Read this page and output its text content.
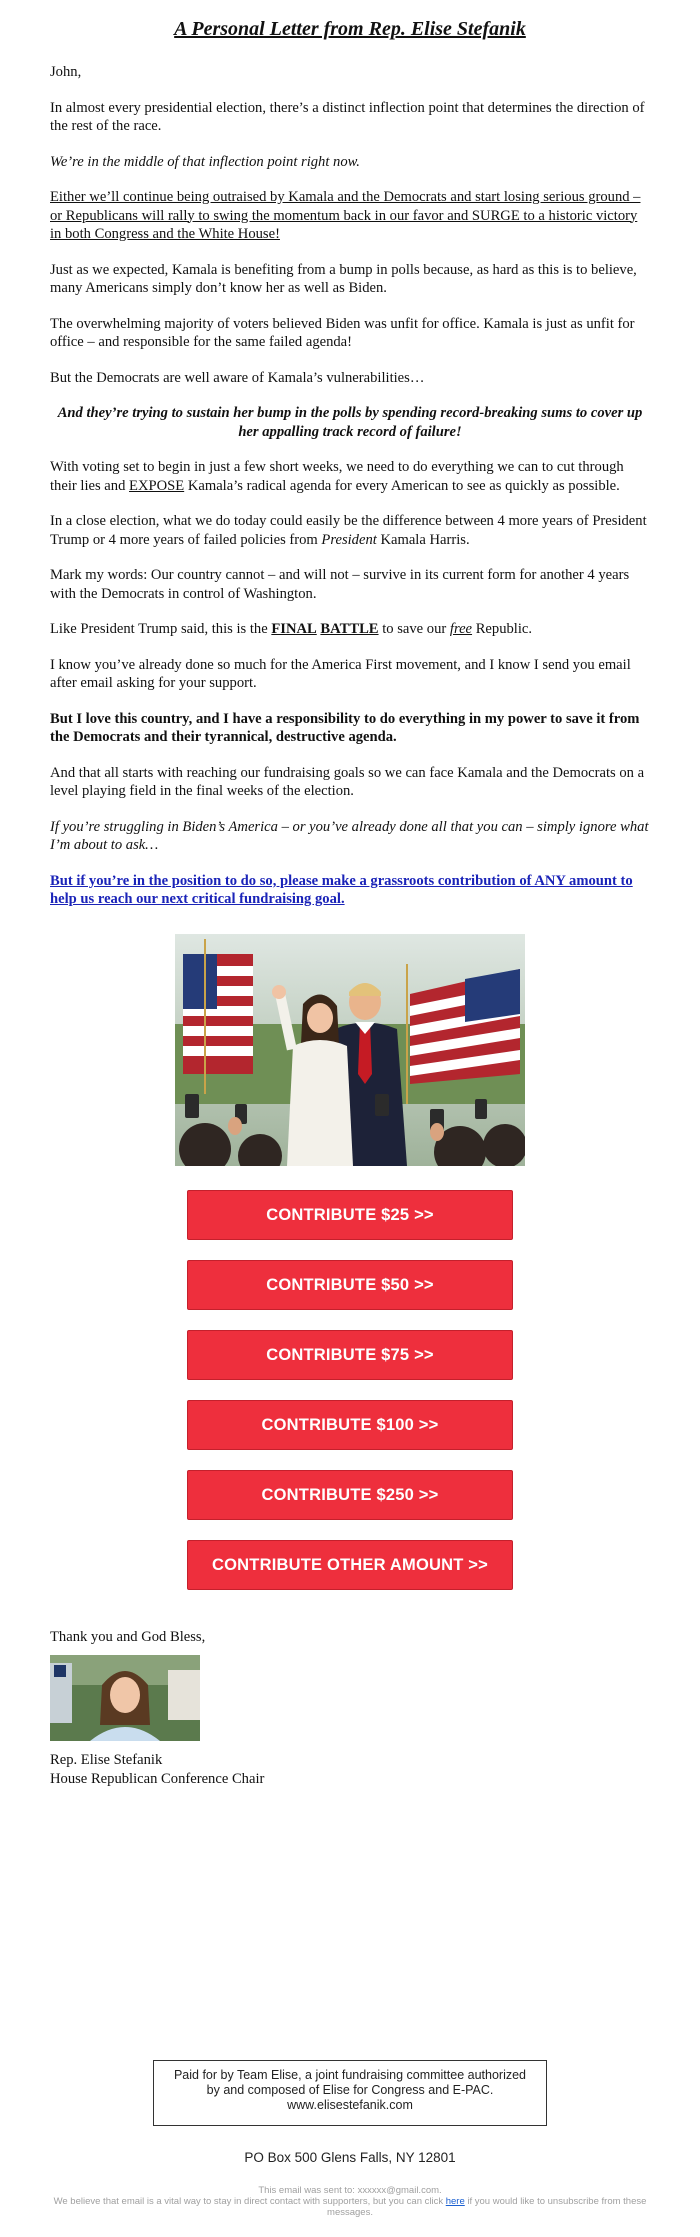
A Personal Letter from Rep. Elise Stefanik

John,

In almost every presidential election, there’s a distinct inflection point that determines the direction of the rest of the race.

We’re in the middle of that inflection point right now.

Either we’ll continue being outraised by Kamala and the Democrats and start losing serious ground – or Republicans will rally to swing the momentum back in our favor and SURGE to a historic victory in both Congress and the White House!

Just as we expected, Kamala is benefiting from a bump in polls because, as hard as this is to believe, many Americans simply don’t know her as well as Biden.

The overwhelming majority of voters believed Biden was unfit for office. Kamala is just as unfit for office – and responsible for the same failed agenda!

But the Democrats are well aware of Kamala’s vulnerabilities…

And they’re trying to sustain her bump in the polls by spending record-breaking sums to cover up her appalling track record of failure!

With voting set to begin in just a few short weeks, we need to do everything we can to cut through their lies and EXPOSE Kamala’s radical agenda for every American to see as quickly as possible.

In a close election, what we do today could easily be the difference between 4 more years of President Trump or 4 more years of failed policies from President Kamala Harris.

Mark my words: Our country cannot – and will not – survive in its current form for another 4 years with the Democrats in control of Washington.

Like President Trump said, this is the FINAL BATTLE to save our free Republic.

I know you’ve already done so much for the America First movement, and I know I send you email after email asking for your support.

But I love this country, and I have a responsibility to do everything in my power to save it from the Democrats and their tyrannical, destructive agenda.

And that all starts with reaching our fundraising goals so we can face Kamala and the Democrats on a level playing field in the final weeks of the election.

If you’re struggling in Biden’s America – or you’ve already done all that you can – simply ignore what I’m about to ask…

But if you’re in the position to do so, please make a grassroots contribution of ANY amount to help us reach our next critical fundraising goal.

CONTRIBUTE $25 >>
CONTRIBUTE $50 >>
CONTRIBUTE $75 >>
CONTRIBUTE $100 >>
CONTRIBUTE $250 >>
CONTRIBUTE OTHER AMOUNT >>

Thank you and God Bless,

Rep. Elise Stefanik

House Republican Conference Chair

Paid for by Team Elise, a joint fundraising committee authorized by and composed of Elise for Congress and E-PAC. www.elisestefanik.com
PO Box 500 Glens Falls, NY 12801
This email was sent to: xxxxxx@gmail.com.
We believe that email is a vital way to stay in direct contact with supporters, but you can click here if you would like to unsubscribe from these messages.
